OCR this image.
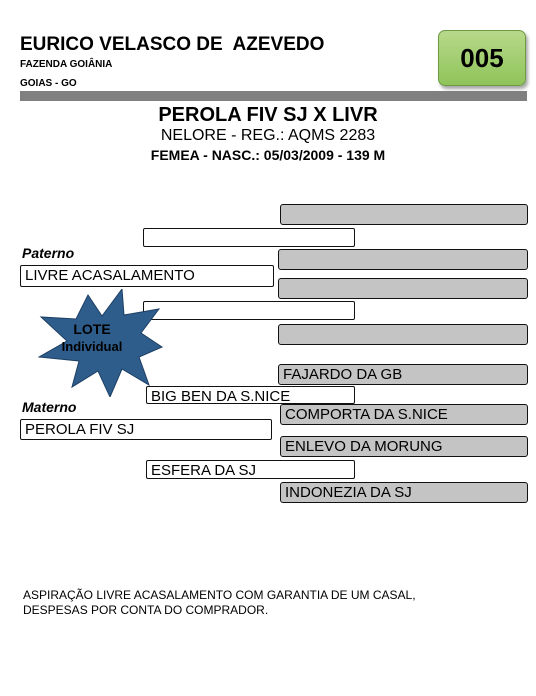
EURICO VELASCO DE  AZEVEDO
FAZENDA GOIÂNIA
GOIAS - GO
005
PEROLA FIV SJ X LIVR
NELORE - REG.: AQMS 2283
FEMEA - NASC.: 05/03/2009 - 139 M
Paterno
LIVRE ACASALAMENTO
LOTE
Individual
FAJARDO DA GB
BIG BEN DA S.NICE
Materno	COMPORTA DA S.NICE
PEROLA FIV SJ
ENLEVO DA MORUNG
ESFERA DA SJ
INDONEZIA DA SJ
ASPIRAÇÃO LIVRE ACASALAMENTO COM GARANTIA DE UM CASAL,
DESPESAS POR CONTA DO COMPRADOR.
